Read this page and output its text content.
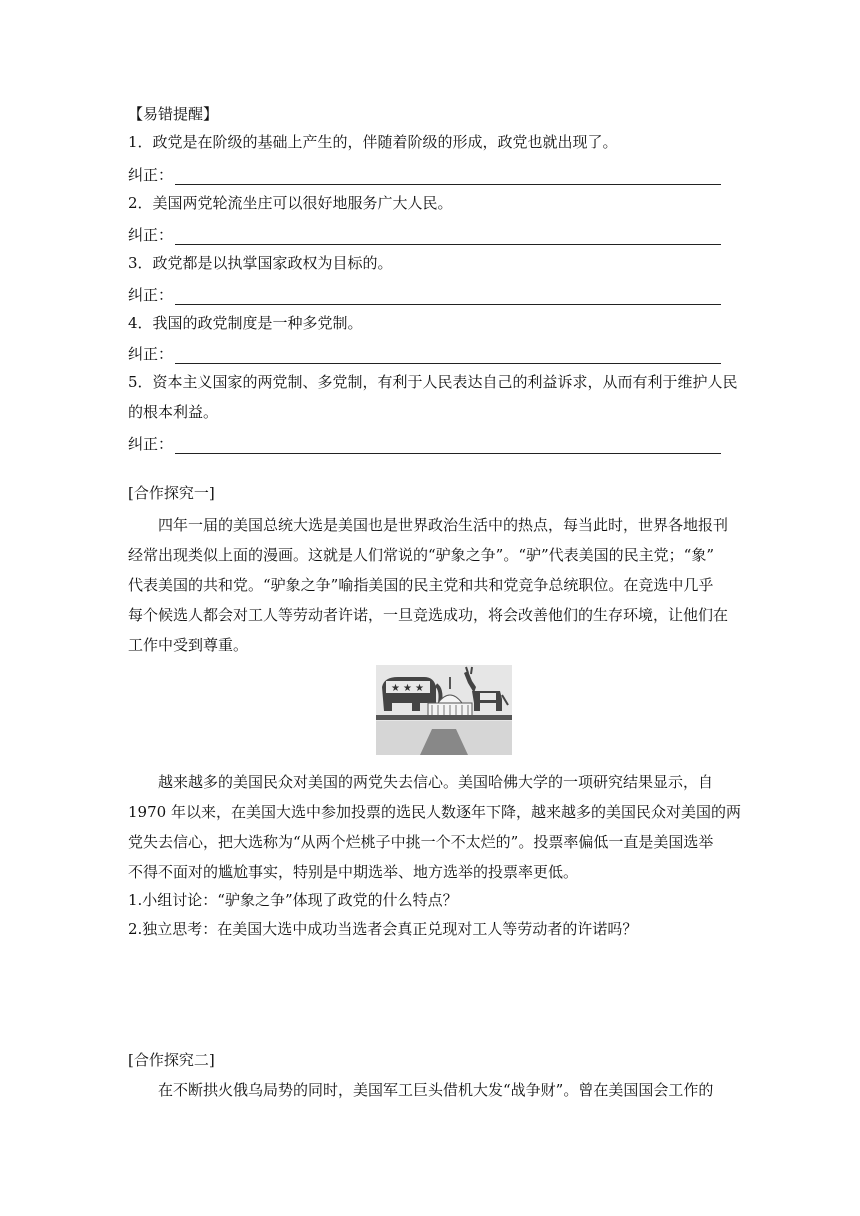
【易错提醒】
1．政党是在阶级的基础上产生的，伴随着阶级的形成，政党也就出现了。
纠正：
2．美国两党轮流坐庄可以很好地服务广大人民。
纠正：
3．政党都是以执掌国家政权为目标的。
纠正：
4．我国的政党制度是一种多党制。
纠正：
5．资本主义国家的两党制、多党制，有利于人民表达自己的利益诉求，从而有利于维护人民
的根本利益。
纠正：
[合作探究一]
四年一届的美国总统大选是美国也是世界政治生活中的热点，每当此时，世界各地报刊
经常出现类似上面的漫画。这就是人们常说的“驴象之争”。“驴”代表美国的民主党；“象”
代表美国的共和党。“驴象之争”喻指美国的民主党和共和党竞争总统职位。在竞选中几乎
每个候选人都会对工人等劳动者许诺，一旦竞选成功，将会改善他们的生存环境，让他们在
工作中受到尊重。
★ ★ ★
越来越多的美国民众对美国的两党失去信心。美国哈佛大学的一项研究结果显示，自
1970 年以来，在美国大选中参加投票的选民人数逐年下降，越来越多的美国民众对美国的两
党失去信心，把大选称为“从两个烂桃子中挑一个不太烂的”。投票率偏低一直是美国选举
不得不面对的尴尬事实，特别是中期选举、地方选举的投票率更低。
1.小组讨论：“驴象之争”体现了政党的什么特点？
2.独立思考：在美国大选中成功当选者会真正兑现对工人等劳动者的许诺吗？
[合作探究二]
在不断拱火俄乌局势的同时，美国军工巨头借机大发“战争财”。曾在美国国会工作的
